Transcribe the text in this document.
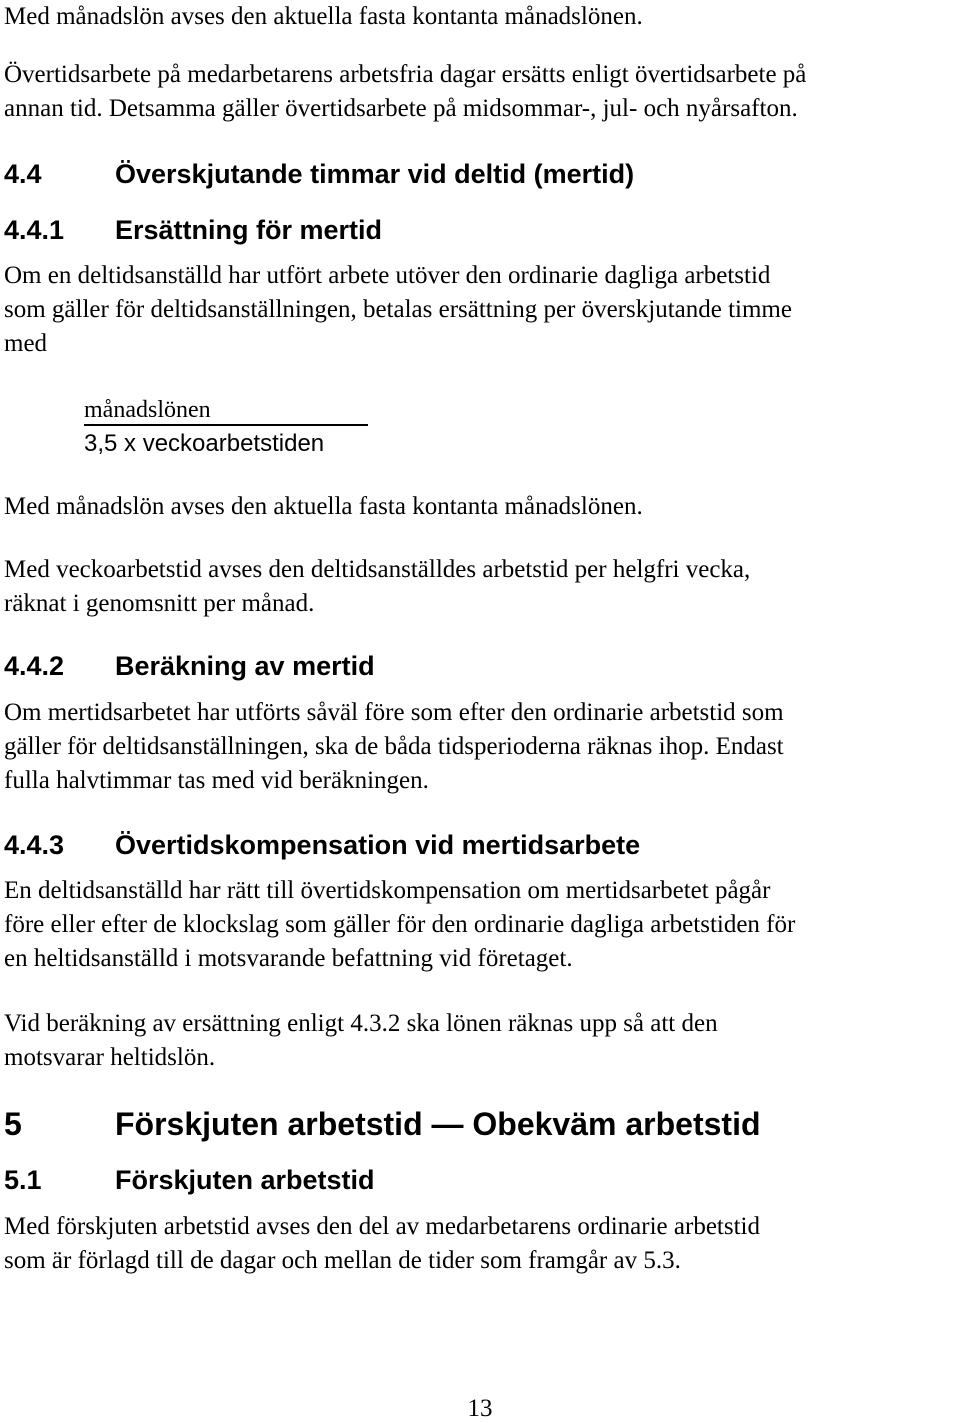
Med månadslön avses den aktuella fasta kontanta månadslönen.

Övertidsarbete på medarbetarens arbetsfria dagar ersätts enligt övertidsarbete på
annan tid. Detsamma gäller övertidsarbete på midsommar-, jul- och nyårsafton.

4.4	Överskjutande timmar vid deltid (mertid)
4.4.1 Ersättning för mertid

Om en deltidsanställd har utfört arbete utöver den ordinarie dagliga arbetstid
som gäller för deltidsanställningen, betalas ersättning per överskjutande timme
med

månadslönen
3,5 x veckoarbetstiden

Med månadslön avses den aktuella fasta kontanta månadslönen.

Med veckoarbetstid avses den deltidsanställdes arbetstid per helgfri vecka,
räknat i genomsnitt per månad.

4.4.2 Beräkning av mertid

Om mertidsarbetet har utförts såväl före som efter den ordinarie arbetstid som
gäller för deltidsanställningen, ska de båda tidsperioderna räknas ihop. Endast
fulla halvtimmar tas med vid beräkningen.

4.4.3 Övertidskompensation vid mertidsarbete

En deltidsanställd har rätt till övertidskompensation om mertidsarbetet pågår
före eller efter de klockslag som gäller för den ordinarie dagliga arbetstiden för
en heltidsanställd i motsvarande befattning vid företaget.

Vid beräkning av ersättning enligt 4.3.2 ska lönen räknas upp så att den
motsvarar heltidslön.

5	Förskjuten arbetstid — Obekväm arbetstid
5.1	Förskjuten arbetstid

Med förskjuten arbetstid avses den del av medarbetarens ordinarie arbetstid
som är förlagd till de dagar och mellan de tider som framgår av 5.3.

13
